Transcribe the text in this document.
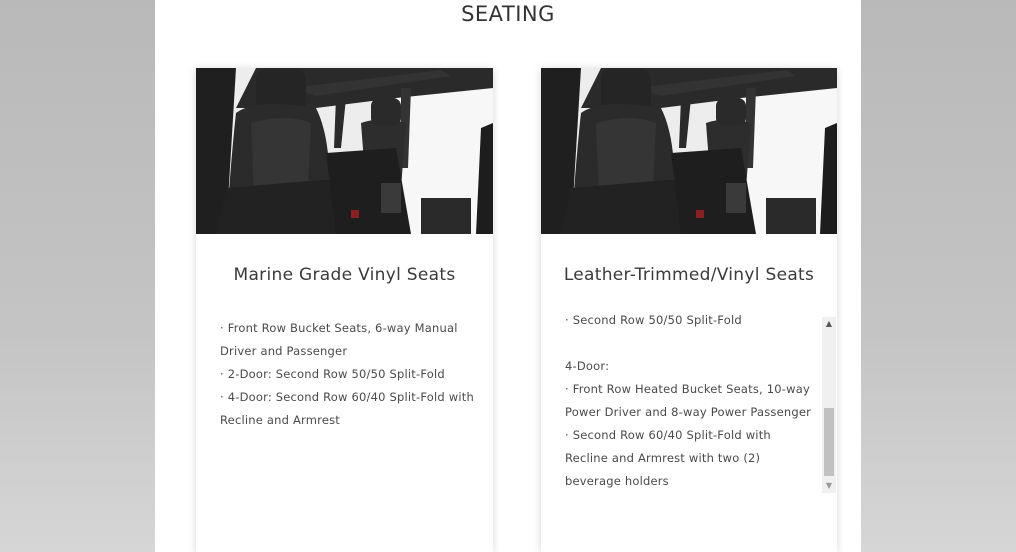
SEATING
Marine Grade Vinyl Seats
· Front Row Bucket Seats, 6-way Manual
Driver and Passenger
· 2-Door: Second Row 50/50 Split-Fold
· 4-Door: Second Row 60/40 Split-Fold with
Recline and Armrest
Leather-Trimmed/Vinyl Seats
· Second Row 50/50 Split-Fold
4-Door:
· Front Row Heated Bucket Seats, 10-way
Power Driver and 8-way Power Passenger
· Second Row 60/40 Split-Fold with
Recline and Armrest with two (2)
beverage holders
▲
▼
